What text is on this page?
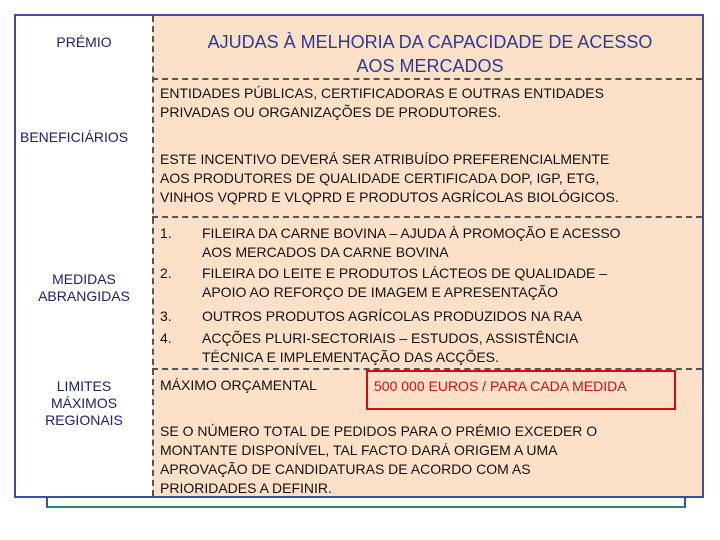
PRÉMIO
BENEFICIÁRIOS
MEDIDAS
ABRANGIDAS
LIMITES
MÁXIMOS
REGIONAIS
AJUDAS À MELHORIA DA CAPACIDADE DE ACESSO
AOS MERCADOS
ENTIDADES PÚBLICAS, CERTIFICADORAS E OUTRAS ENTIDADES
PRIVADAS OU ORGANIZAÇÕES DE PRODUTORES.
ESTE INCENTIVO DEVERÁ SER ATRIBUÍDO PREFERENCIALMENTE
AOS PRODUTORES DE QUALIDADE CERTIFICADA DOP, IGP, ETG,
VINHOS VQPRD E VLQPRD E PRODUTOS AGRÍCOLAS BIOLÓGICOS.
1. FILEIRA DA CARNE BOVINA – AJUDA À PROMOÇÃO E ACESSO
AOS MERCADOS DA CARNE BOVINA
2. FILEIRA DO LEITE E PRODUTOS LÁCTEOS DE QUALIDADE –
APOIO AO REFORÇO DE IMAGEM E APRESENTAÇÃO
3. OUTROS PRODUTOS AGRÍCOLAS PRODUZIDOS NA RAA
4. ACÇÕES PLURI-SECTORIAIS – ESTUDOS, ASSISTÊNCIA
TÉCNICA E IMPLEMENTAÇÃO DAS ACÇÕES.
MÁXIMO ORÇAMENTAL	500 000 EUROS / PARA CADA MEDIDA
SE O NÚMERO TOTAL DE PEDIDOS PARA O PRÉMIO EXCEDER O
MONTANTE DISPONÍVEL, TAL FACTO DARÁ ORIGEM A UMA
APROVAÇÃO DE CANDIDATURAS DE ACORDO COM AS
PRIORIDADES A DEFINIR.
